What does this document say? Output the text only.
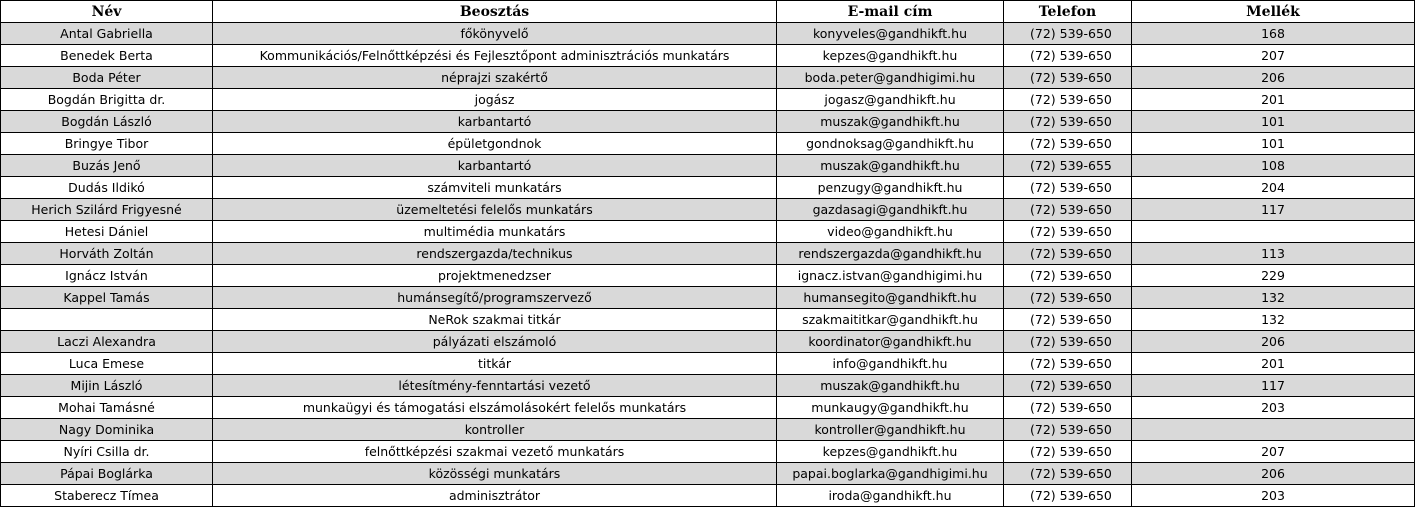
Név	Beosztás	E-mail cím	Telefon	Mellék
Antal Gabriella	főkönyvelő	konyveles@gandhikft.hu	(72) 539-650	168
Benedek Berta	Kommunikációs/Felnőttképzési és Fejlesztőpont adminisztrációs munkatárs	kepzes@gandhikft.hu	(72) 539-650	207
Boda Péter	néprajzi szakértő	boda.peter@gandhigimi.hu	(72) 539-650	206
Bogdán Brigitta dr.	jogász	jogasz@gandhikft.hu	(72) 539-650	201
Bogdán László	karbantartó	muszak@gandhikft.hu	(72) 539-650	101
Bringye Tibor	épületgondnok	gondnoksag@gandhikft.hu	(72) 539-650	101
Buzás Jenő	karbantartó	muszak@gandhikft.hu	(72) 539-655	108
Dudás Ildikó	számviteli munkatárs	penzugy@gandhikft.hu	(72) 539-650	204
Herich Szilárd Frigyesné	üzemeltetési felelős munkatárs	gazdasagi@gandhikft.hu	(72) 539-650	117
Hetesi Dániel	multimédia munkatárs	video@gandhikft.hu	(72) 539-650	
Horváth Zoltán	rendszergazda/technikus	rendszergazda@gandhikft.hu	(72) 539-650	113
Ignácz István	projektmenedzser	ignacz.istvan@gandhigimi.hu	(72) 539-650	229
Kappel Tamás	humánsegítő/programszervező	humansegito@gandhikft.hu	(72) 539-650	132
	NeRok szakmai titkár	szakmaititkar@gandhikft.hu	(72) 539-650	132
Laczi Alexandra	pályázati elszámoló	koordinator@gandhikft.hu	(72) 539-650	206
Luca Emese	titkár	info@gandhikft.hu	(72) 539-650	201
Mijin László	létesítmény-fenntartási vezető	muszak@gandhikft.hu	(72) 539-650	117
Mohai Tamásné	munkaügyi és támogatási elszámolásokért felelős munkatárs	munkaugy@gandhikft.hu	(72) 539-650	203
Nagy Dominika	kontroller	kontroller@gandhikft.hu	(72) 539-650	
Nyíri Csilla dr.	felnőttképzési szakmai vezető munkatárs	kepzes@gandhikft.hu	(72) 539-650	207
Pápai Boglárka	közösségi munkatárs	papai.boglarka@gandhigimi.hu	(72) 539-650	206
Staberecz Tímea	adminisztrátor	iroda@gandhikft.hu	(72) 539-650	203
